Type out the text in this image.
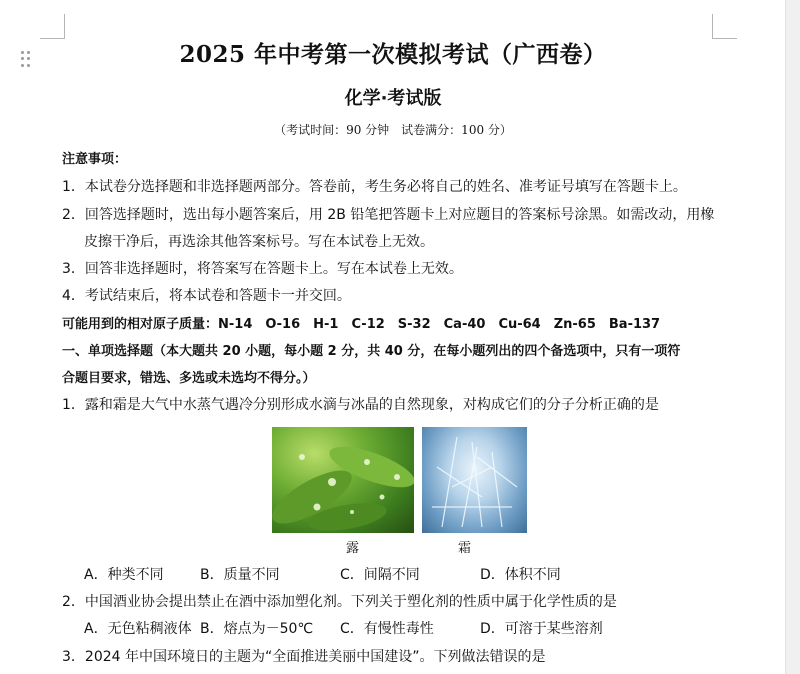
2025 年中考第一次模拟考试（广西卷）
化学·考试版
（考试时间：90 分钟　试卷满分：100 分）
注意事项：
1．本试卷分选择题和非选择题两部分。答卷前，考生务必将自己的姓名、准考证号填写在答题卡上。
2．回答选择题时，选出每小题答案后，用 2B 铅笔把答题卡上对应题目的答案标号涂黑。如需改动，用橡
皮擦干净后，再选涂其他答案标号。写在本试卷上无效。
3．回答非选择题时，将答案写在答题卡上。写在本试卷上无效。
4．考试结束后，将本试卷和答题卡一并交回。
可能用到的相对原子质量：N-14　O-16　H-1　C-12　S-32　Ca-40　Cu-64　Zn-65　Ba-137
一、单项选择题（本大题共 20 小题，每小题 2 分，共 40 分，在每小题列出的四个备选项中，只有一项符
合题目要求，错选、多选或未选均不得分。）
1．露和霜是大气中水蒸气遇冷分别形成水滴与冰晶的自然现象，对构成它们的分子分析正确的是
露	霜
A．种类不同	B．质量不同	C．间隔不同	D．体积不同
2．中国酒业协会提出禁止在酒中添加塑化剂。下列关于塑化剂的性质中属于化学性质的是
A．无色粘稠液体 B．熔点为－50℃ C．有慢性毒性	D．可溶于某些溶剂
3．2024 年中国环境日的主题为“全面推进美丽中国建设”。下列做法错误的是
